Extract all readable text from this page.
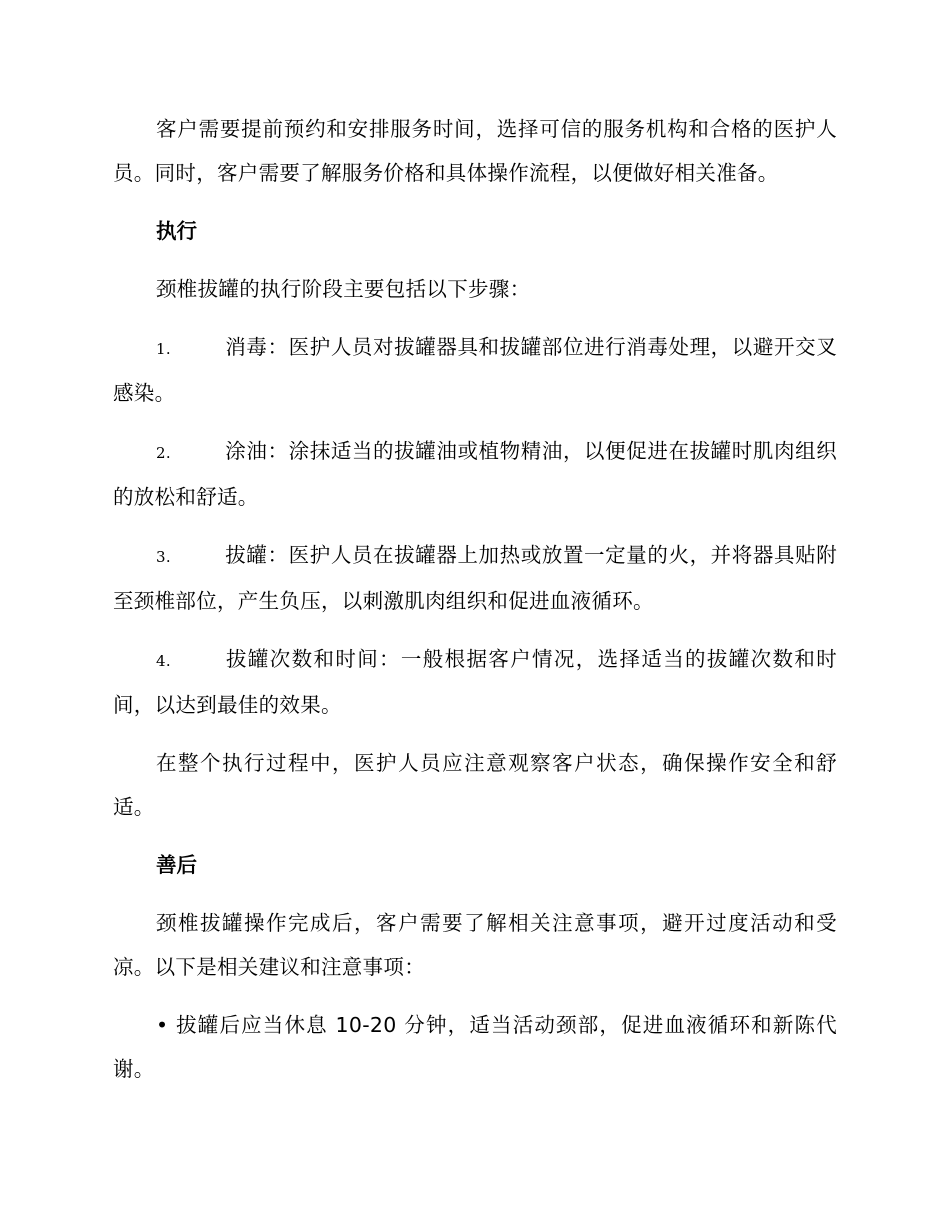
客户需要提前预约和安排服务时间，选择可信的服务机构和合格的医护人员。同时，客户需要了解服务价格和具体操作流程，以便做好相关准备。

执行

颈椎拔罐的执行阶段主要包括以下步骤：

1.	消毒：医护人员对拔罐器具和拔罐部位进行消毒处理，以避开交叉感染。

2.	涂油：涂抹适当的拔罐油或植物精油，以便促进在拔罐时肌肉组织的放松和舒适。

3.	拔罐：医护人员在拔罐器上加热或放置一定量的火，并将器具贴附至颈椎部位，产生负压，以刺激肌肉组织和促进血液循环。

4.	拔罐次数和时间：一般根据客户情况，选择适当的拔罐次数和时间，以达到最佳的效果。

在整个执行过程中，医护人员应注意观察客户状态，确保操作安全和舒适。

善后

颈椎拔罐操作完成后，客户需要了解相关注意事项，避开过度活动和受凉。以下是相关建议和注意事项：

• 拔罐后应当休息 10-20 分钟，适当活动颈部，促进血液循环和新陈代谢。
